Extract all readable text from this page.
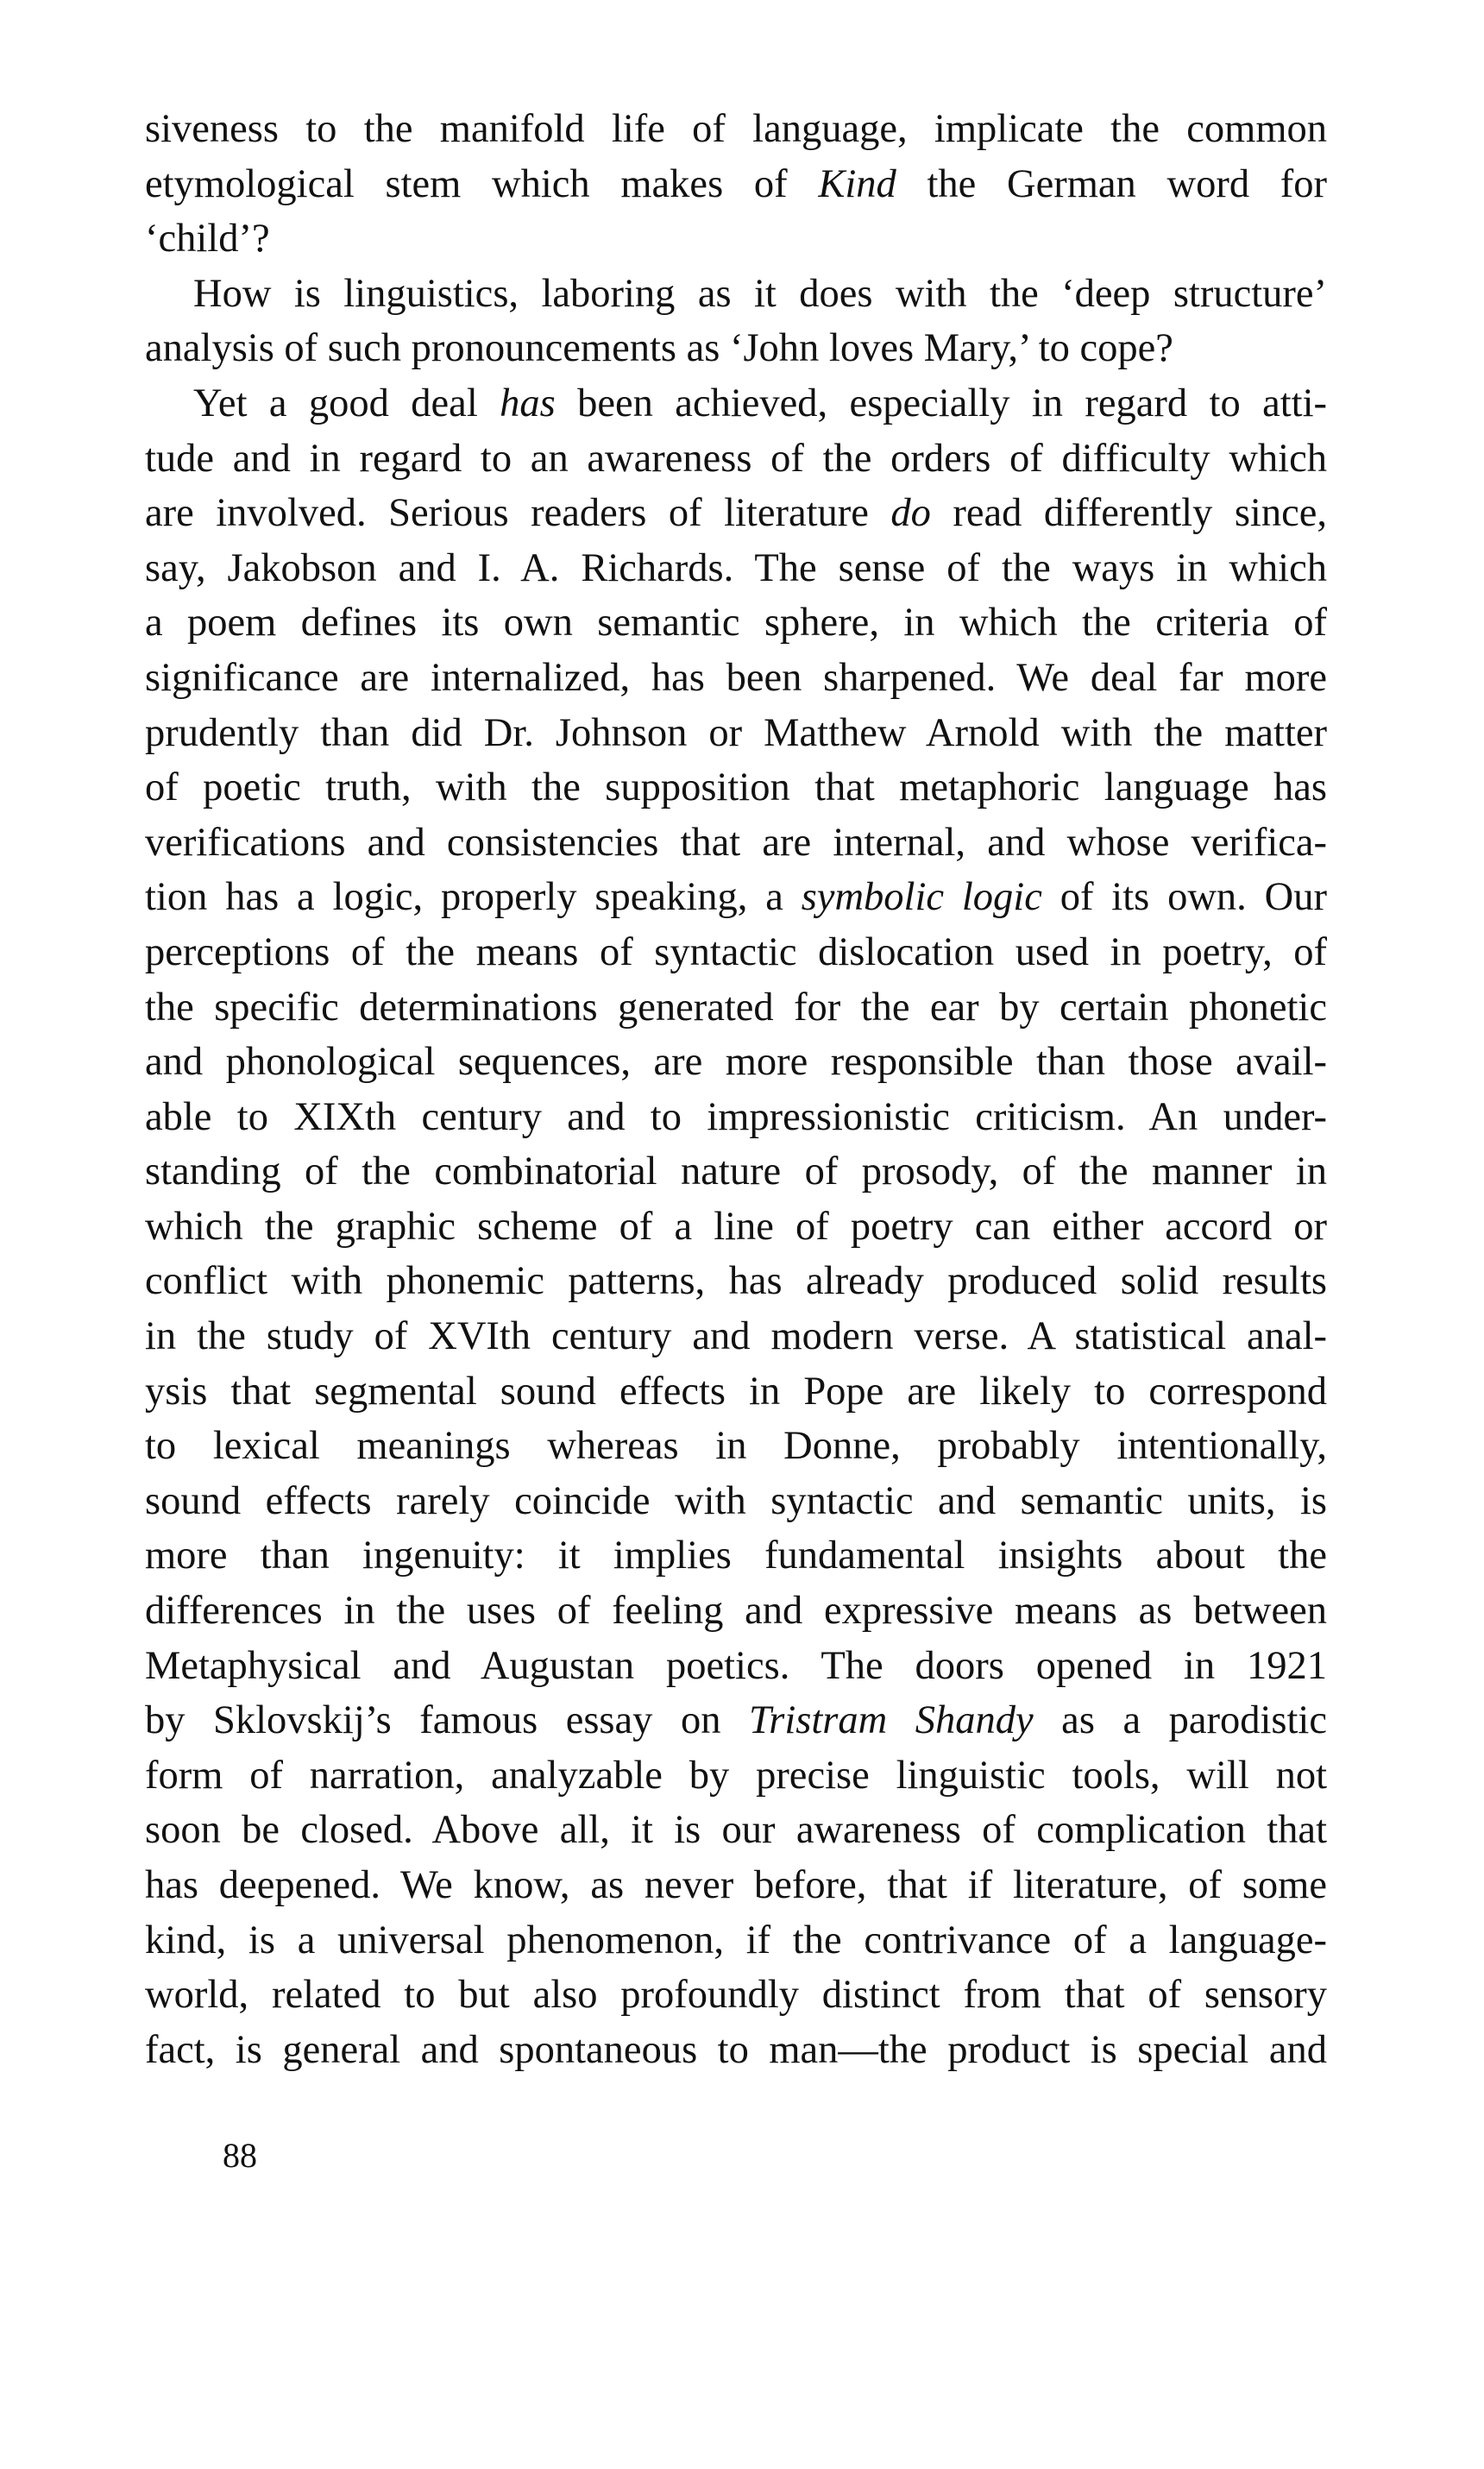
siveness to the manifold life of language, implicate the common
etymological stem which makes of Kind the German word for
‘child’?
How is linguistics, laboring as it does with the ‘deep structure’
analysis of such pronouncements as ‘John loves Mary,’ to cope?
Yet a good deal has been achieved, especially in regard to atti-
tude and in regard to an awareness of the orders of difficulty which
are involved. Serious readers of literature do read differently since,
say, Jakobson and I. A. Richards. The sense of the ways in which
a poem defines its own semantic sphere, in which the criteria of
significance are internalized, has been sharpened. We deal far more
prudently than did Dr. Johnson or Matthew Arnold with the matter
of poetic truth, with the supposition that metaphoric language has
verifications and consistencies that are internal, and whose verifica-
tion has a logic, properly speaking, a symbolic logic of its own. Our
perceptions of the means of syntactic dislocation used in poetry, of
the specific determinations generated for the ear by certain phonetic
and phonological sequences, are more responsible than those avail-
able to XIXth century and to impressionistic criticism. An under-
standing of the combinatorial nature of prosody, of the manner in
which the graphic scheme of a line of poetry can either accord or
conflict with phonemic patterns, has already produced solid results
in the study of XVIth century and modern verse. A statistical anal-
ysis that segmental sound effects in Pope are likely to correspond
to lexical meanings whereas in Donne, probably intentionally,
sound effects rarely coincide with syntactic and semantic units, is
more than ingenuity: it implies fundamental insights about the
differences in the uses of feeling and expressive means as between
Metaphysical and Augustan poetics. The doors opened in 1921
by Sklovskij’s famous essay on Tristram Shandy as a parodistic
form of narration, analyzable by precise linguistic tools, will not
soon be closed. Above all, it is our awareness of complication that
has deepened. We know, as never before, that if literature, of some
kind, is a universal phenomenon, if the contrivance of a language-
world, related to but also profoundly distinct from that of sensory
fact, is general and spontaneous to man—the product is special and
88
